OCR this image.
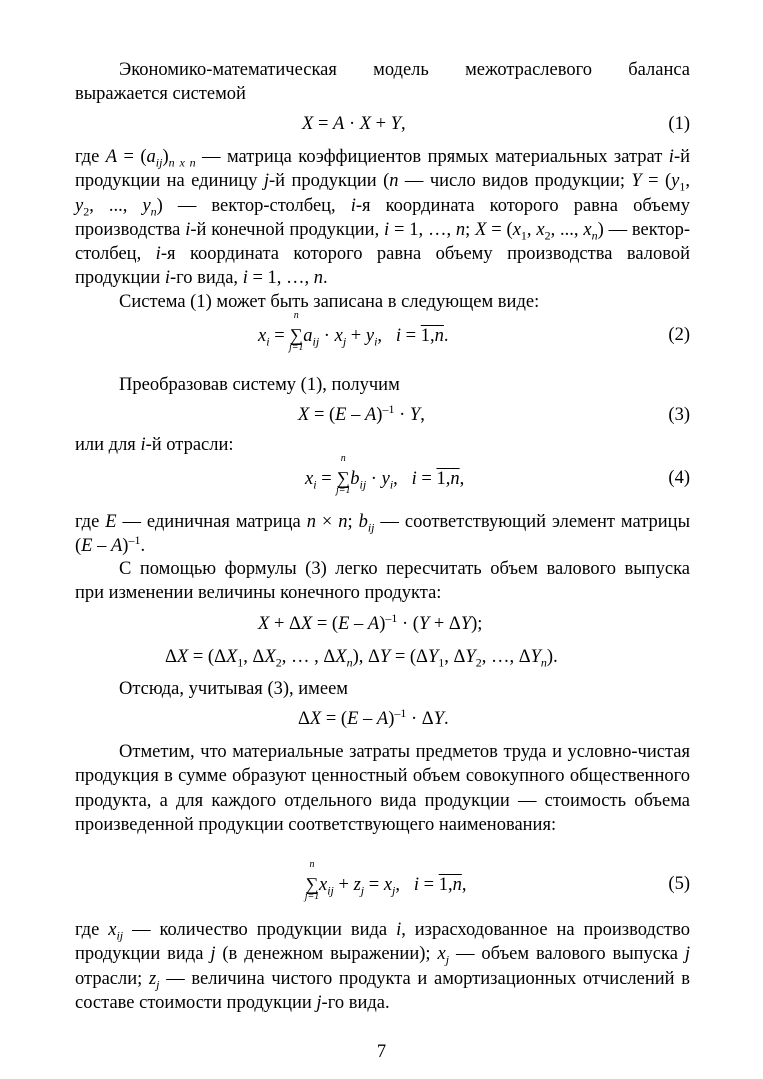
Экономико-математическая модель межотраслевого баланса выражается системой
X = A · X + Y,	(1)
где $A = (a_{ij})_{n x n}$ — матрица коэффициентов прямых материальных затрат i-й продукции на единицу j-й продукции (n — число видов продукции; $Y = (y_1$, $y_2$, ..., $y_n$) — вектор-столбец, i-я координата которого равна объему производства i-й конечной продукции, i = 1, …, n; $X = (x_1$, $x_2$, ..., $x_n$) — вектор-столбец, i-я координата которого равна объему производства валовой продукции i-го вида, i = 1, …, n.
Система (1) может быть записана в следующем виде:
$x_i$ =
n
∑
j=1
$a_{ij} \cdot x_j + y_i$,   i = 1,n.	(2)
Преобразовав систему (1), получим
X = (E – A)$^{-1}$ · Y,	(3)
или для i-й отрасли:
$x_i$ =
n
∑
j=1
$b_{ij} \cdot y_i$,   i = 1,n,	(4)
где E — единичная матрица n × n; $b_{ij}$ — соответствующий элемент матрицы (E – A)$^{-1}$.
С помощью формулы (3) легко пересчитать объем валового выпуска при изменении величины конечного продукта:
X + ΔX = (E – A)$^{-1}$ · (Y + ΔY);
$\Delta X = (\Delta X_1$, $\Delta X_2$, … , $\Delta X_n$), $\Delta Y = (\Delta Y_1$, $\Delta Y_2$, …, $\Delta Y_n$).
Отсюда, учитывая (3), имеем
ΔX = (E – A)$^{-1}$ · ΔY.
Отметим, что материальные затраты предметов труда и условно-чистая продукция в сумме образуют ценностный объем совокупного общественного продукта, а для каждого отдельного вида продукции — стоимость объема произведенной продукции соответствующего наименования:
n
∑
j=1
$x_{ij} + z_j = x_j$,   i = 1,n,	(5)
где $x_{ij}$ — количество продукции вида i, израсходованное на производство продукции вида j (в денежном выражении); $x_j$ — объем валового выпуска j отрасли; $z_j$ — величина чистого продукта и амортизационных отчислений в составе стоимости продукции j-го вида.
7
